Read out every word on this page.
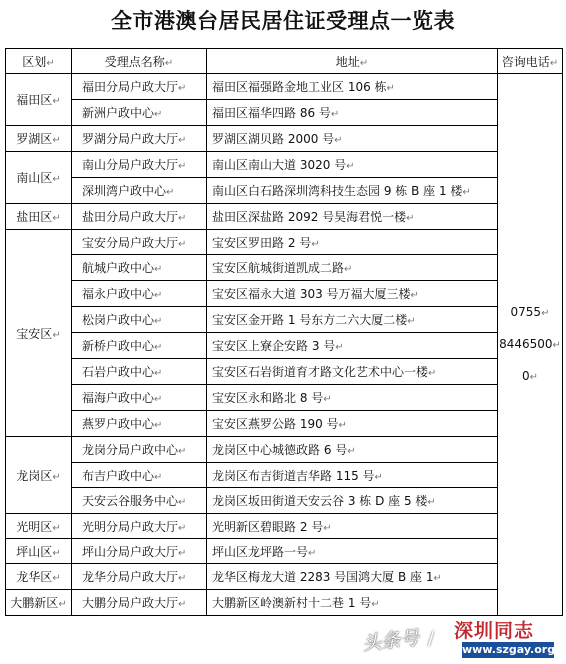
全市港澳台居民居住证受理点一览表
区划↵	受理点名称↵	地址↵	咨询电话↵
福田区↵	福田分局户政大厅↵	福田区福强路金地工业区 106 栋↵	0755↵
8446500↵
0↵

	新洲户政中心↵	福田区福华四路 86 号↵	
罗湖区↵	罗湖分局户政大厅↵	罗湖区湖贝路 2000 号↵	
南山区↵	南山分局户政大厅↵	南山区南山大道 3020 号↵	
	深圳湾户政中心↵	南山区白石路深圳湾科技生态园 9 栋 B 座 1 楼↵	
盐田区↵	盐田分局户政大厅↵	盐田区深盐路 2092 号昊海君悦一楼↵	
宝安区↵	宝安分局户政大厅↵	宝安区罗田路 2 号↵	
	航城户政中心↵	宝安区航城街道凯成二路↵	
	福永户政中心↵	宝安区福永大道 303 号万福大厦三楼↵	
	松岗户政中心↵	宝安区金开路 1 号东方二六大厦二楼↵	
	新桥户政中心↵	宝安区上寮企安路 3 号↵	
	石岩户政中心↵	宝安区石岩街道育才路文化艺术中心一楼↵	
	福海户政中心↵	宝安区永和路北 8 号↵	
	燕罗户政中心↵	宝安区燕罗公路 190 号↵	
龙岗区↵	龙岗分局户政中心↵	龙岗区中心城德政路 6 号↵	
	布吉户政中心↵	龙岗区布吉街道吉华路 115 号↵	
	天安云谷服务中心↵	龙岗区坂田街道天安云谷 3 栋 D 座 5 楼↵	
光明区↵	光明分局户政大厅↵	光明新区碧眼路 2 号↵	
坪山区↵	坪山分局户政大厅↵	坪山区龙坪路一号↵	
龙华区↵	龙华分局户政大厅↵	龙华区梅龙大道 2283 号国鸿大厦 B 座 1↵	
大鹏新区↵	大鹏分局户政大厅↵	大鹏新区岭澳新村十二巷 1 号↵	
头条号 / 深圳同志
www.szgay.org
